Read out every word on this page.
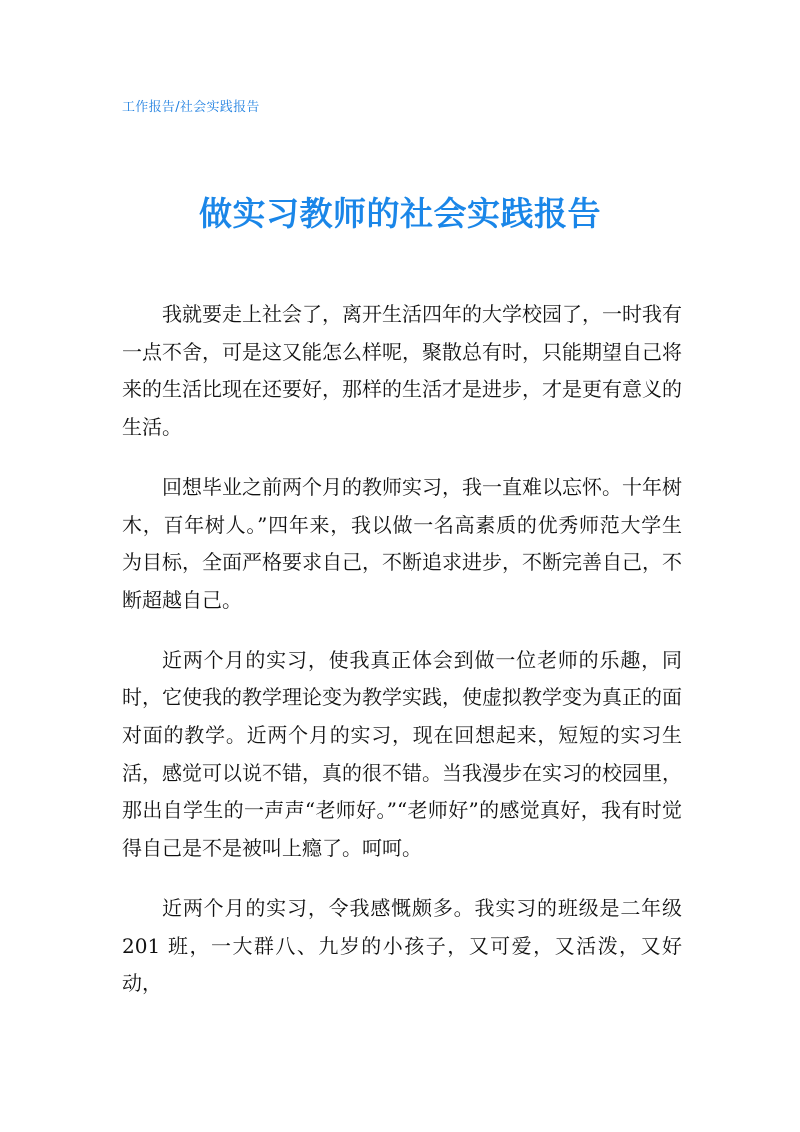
工作报告/社会实践报告
做实习教师的社会实践报告

我就要走上社会了，离开生活四年的大学校园了，一时我有一点不舍，可是这又能怎么样呢，聚散总有时，只能期望自己将来的生活比现在还要好，那样的生活才是进步，才是更有意义的生活。

回想毕业之前两个月的教师实习，我一直难以忘怀。十年树木，百年树人。”四年来，我以做一名高素质的优秀师范大学生为目标，全面严格要求自己，不断追求进步，不断完善自己，不断超越自己。

近两个月的实习，使我真正体会到做一位老师的乐趣，同时，它使我的教学理论变为教学实践，使虚拟教学变为真正的面对面的教学。近两个月的实习，现在回想起来，短短的实习生活，感觉可以说不错，真的很不错。当我漫步在实习的校园里，那出自学生的一声声“老师好。”“老师好”的感觉真好，我有时觉得自己是不是被叫上瘾了。呵呵。

近两个月的实习，令我感慨颇多。我实习的班级是二年级201 班，一大群八、九岁的小孩子，又可爱，又活泼，又好动，
